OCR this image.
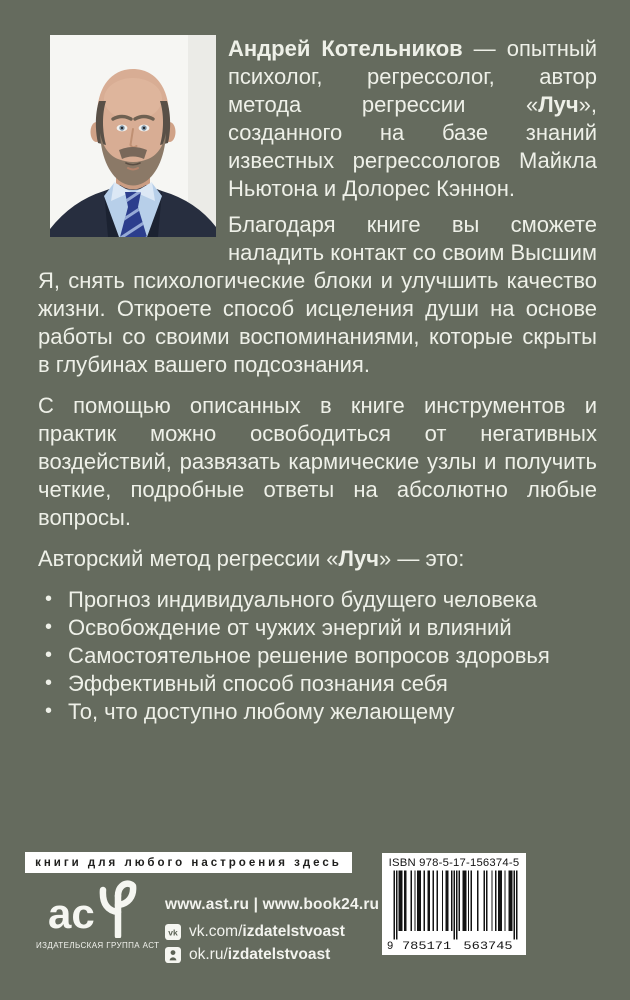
Андрей Котельников — опытный психолог, регрессолог, автор метода регрессии «Луч», созданного на базе знаний известных регрессологов Майкла Ньютона и Долорес Кэннон.

Благодаря книге вы сможете наладить контакт со своим Высшим Я, снять психологические блоки и улучшить качество жизни. Откроете способ исцеления души на основе работы со своими воспоминаниями, которые скрыты в глубинах вашего подсознания.

С помощью описанных в книге инструментов и практик можно освободиться от негативных воздействий, развязать кармические узлы и получить четкие, подробные ответы на абсолютно любые вопросы.

Авторский метод регрессии «Луч» — это:

• Прогноз индивидуального будущего человека
• Освобождение от чужих энергий и влияний
• Самостоятельное решение вопросов здоровья
• Эффективный способ познания себя
• То, что доступно любому желающему
книги для любого настроения здесь
ас
ИЗДАТЕЛЬСКАЯ ГРУППА АСТ
www.ast.ru | www.book24.ru
vk vk.com/izdatelstvoast
ok.ru/izdatelstvoast
ISBN 978-5-17-156374-5
9 785171 563745
